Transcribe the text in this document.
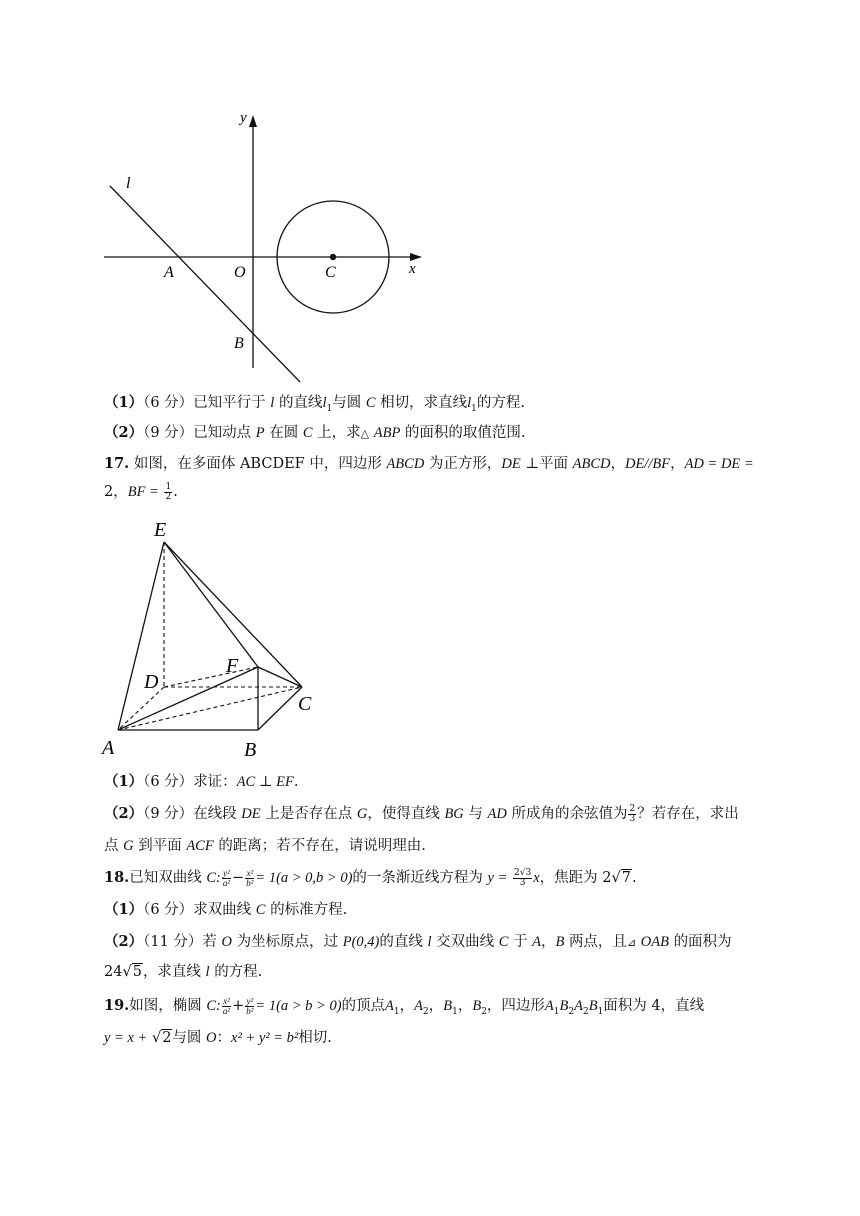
y
l
A	O	C	x
B
（1）（6 分）已知平行于 l 的直线$l_1$与圆 C 相切，求直线$l_1$的方程.
（2）（9 分）已知动点 P 在圆 C 上，求△ ABP 的面积的取值范围.
17. 如图，在多面体 ABCDEF 中，四边形 ABCD 为正方形，DE ⊥平面 ABCD，DE//BF，AD = DE =
2，BF = $\frac{1}{2}$ .
E
D
F
C
A	B
（1）（6 分）求证：AC ⊥ EF.
（2）（9 分）在线段 DE 上是否存在点 G，使得直线 BG 与 AD 所成角的余弦值为 $\frac{2}{3}$ ？若存在，求出
点 G 到平面 ACF 的距离；若不存在，请说明理由.
18.已知双曲线 C: $\frac{\text{y²}}{\text{a²}} - \frac{\text{x²}}{\text{b²}} = 1(a > 0,b > 0)$的一条渐近线方程为 $y = \frac{2√3}{3}$ x，焦距为 2√7.
（1）（6 分）求双曲线 C 的标准方程.
（2）（11 分）若 O 为坐标原点，过 P(0,4)的直线 l 交双曲线 C 于 A，B 两点，且⊿ OAB 的面积为
24√5，求直线 l 的方程.
19.如图，椭圆 C: $\frac{\text{x²}}{\text{a²}} + \frac{\text{y²}}{\text{b²}} = 1(a > b > 0)$的顶点$A_1$，$A_2$，$B_1$，$B_2$，四边形$A_1B_2A_2B_1$面积为 4，直线
y = x + √2与圆 O：x² + y² = b²相切.
